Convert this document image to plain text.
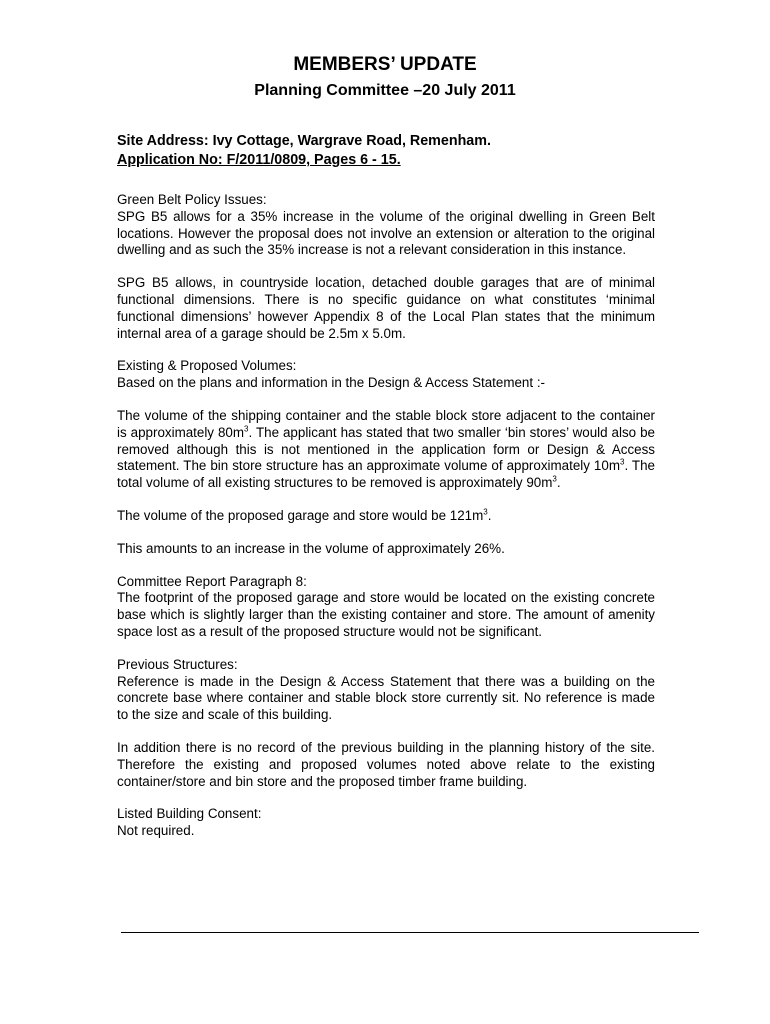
MEMBERS’ UPDATE
Planning Committee –20 July 2011
Site Address: Ivy Cottage, Wargrave Road, Remenham.
Application No: F/2011/0809, Pages 6 - 15.

Green Belt Policy Issues:

SPG B5 allows for a 35% increase in the volume of the original dwelling in Green Belt locations. However the proposal does not involve an extension or alteration to the original dwelling and as such the 35% increase is not a relevant consideration in this instance.

SPG B5 allows, in countryside location, detached double garages that are of minimal functional dimensions. There is no specific guidance on what constitutes ‘minimal functional dimensions’ however Appendix 8 of the Local Plan states that the minimum internal area of a garage should be 2.5m x 5.0m.

Existing & Proposed Volumes:

Based on the plans and information in the Design & Access Statement :-

The volume of the shipping container and the stable block store adjacent to the container is approximately $80m^3$. The applicant has stated that two smaller ‘bin stores’ would also be removed although this is not mentioned in the application form or Design & Access statement. The bin store structure has an approximate volume of approximately $10m^3$. The total volume of all existing structures to be removed is approximately $90m^3$.

The volume of the proposed garage and store would be $121m^3$.

This amounts to an increase in the volume of approximately 26%.

Committee Report Paragraph 8:

The footprint of the proposed garage and store would be located on the existing concrete base which is slightly larger than the existing container and store. The amount of amenity space lost as a result of the proposed structure would not be significant.

Previous Structures:

Reference is made in the Design & Access Statement that there was a building on the concrete base where container and stable block store currently sit. No reference is made to the size and scale of this building.

In addition there is no record of the previous building in the planning history of the site. Therefore the existing and proposed volumes noted above relate to the existing container/store and bin store and the proposed timber frame building.

Listed Building Consent:

Not required.
